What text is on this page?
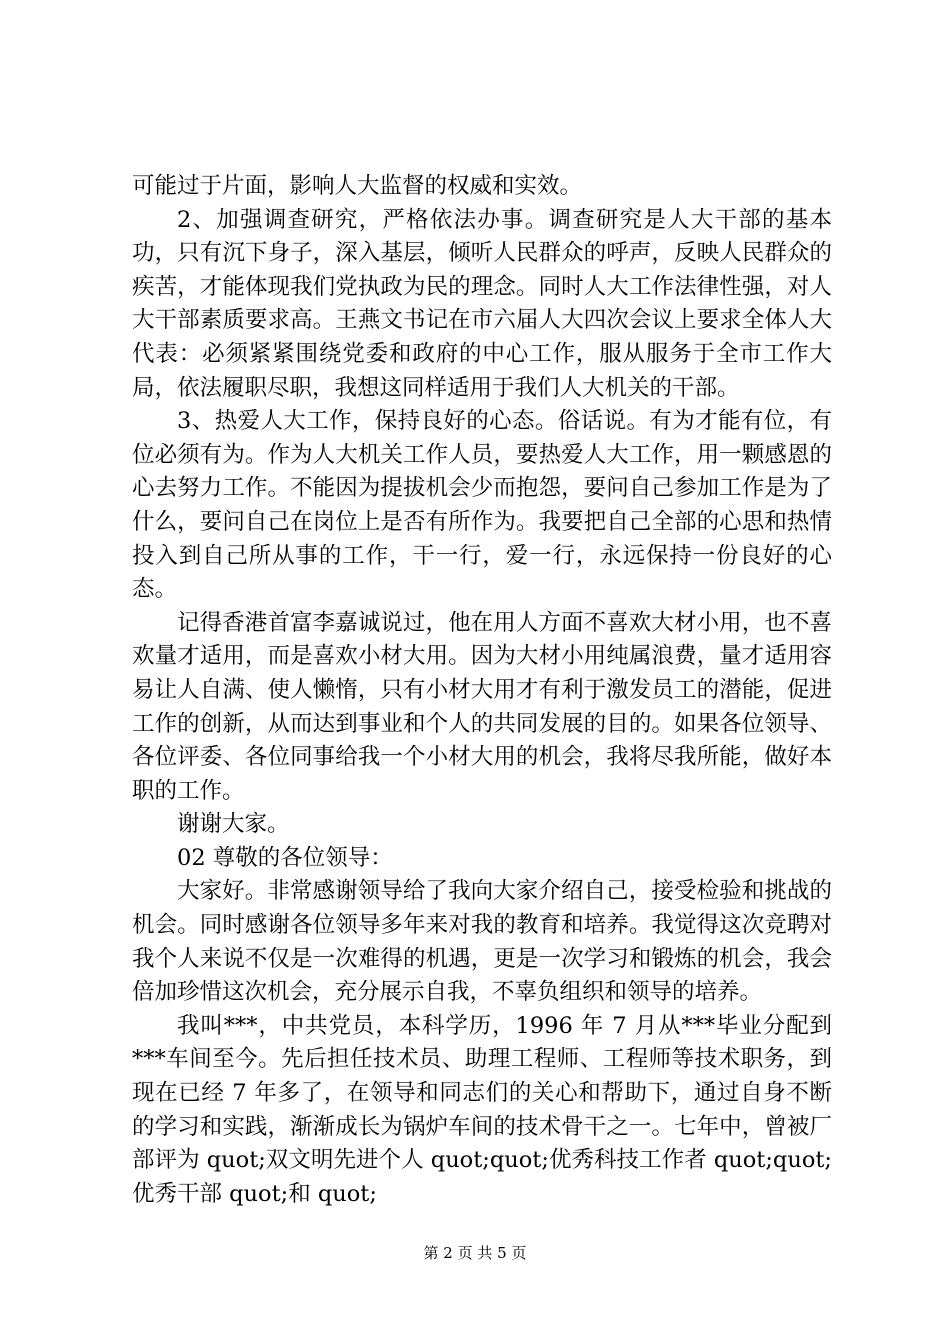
可能过于片面，影响人大监督的权威和实效。

2、加强调查研究，严格依法办事。调查研究是人大干部的基本功，只有沉下身子，深入基层，倾听人民群众的呼声，反映人民群众的疾苦，才能体现我们党执政为民的理念。同时人大工作法律性强，对人大干部素质要求高。王燕文书记在市六届人大四次会议上要求全体人大代表：必须紧紧围绕党委和政府的中心工作，服从服务于全市工作大局，依法履职尽职，我想这同样适用于我们人大机关的干部。

3、热爱人大工作，保持良好的心态。俗话说。有为才能有位，有位必须有为。作为人大机关工作人员，要热爱人大工作，用一颗感恩的心去努力工作。不能因为提拔机会少而抱怨，要问自己参加工作是为了什么，要问自己在岗位上是否有所作为。我要把自己全部的心思和热情投入到自己所从事的工作，干一行，爱一行，永远保持一份良好的心态。

记得香港首富李嘉诚说过，他在用人方面不喜欢大材小用，也不喜欢量才适用，而是喜欢小材大用。因为大材小用纯属浪费，量才适用容易让人自满、使人懒惰，只有小材大用才有利于激发员工的潜能，促进工作的创新，从而达到事业和个人的共同发展的目的。如果各位领导、各位评委、各位同事给我一个小材大用的机会，我将尽我所能，做好本职的工作。

谢谢大家。

02 尊敬的各位领导：

大家好。非常感谢领导给了我向大家介绍自己，接受检验和挑战的机会。同时感谢各位领导多年来对我的教育和培养。我觉得这次竞聘对我个人来说不仅是一次难得的机遇，更是一次学习和锻炼的机会，我会倍加珍惜这次机会，充分展示自我，不辜负组织和领导的培养。

我叫***，中共党员，本科学历，1996 年 7 月从***毕业分配到***车间至今。先后担任技术员、助理工程师、工程师等技术职务，到现在已经 7 年多了，在领导和同志们的关心和帮助下，通过自身不断的学习和实践，渐渐成长为锅炉车间的技术骨干之一。七年中，曾被厂部评为 quot;双文明先进个人 quot;quot;优秀科技工作者 quot;quot;优秀干部 quot;和 quot;

第 2 页 共 5 页
